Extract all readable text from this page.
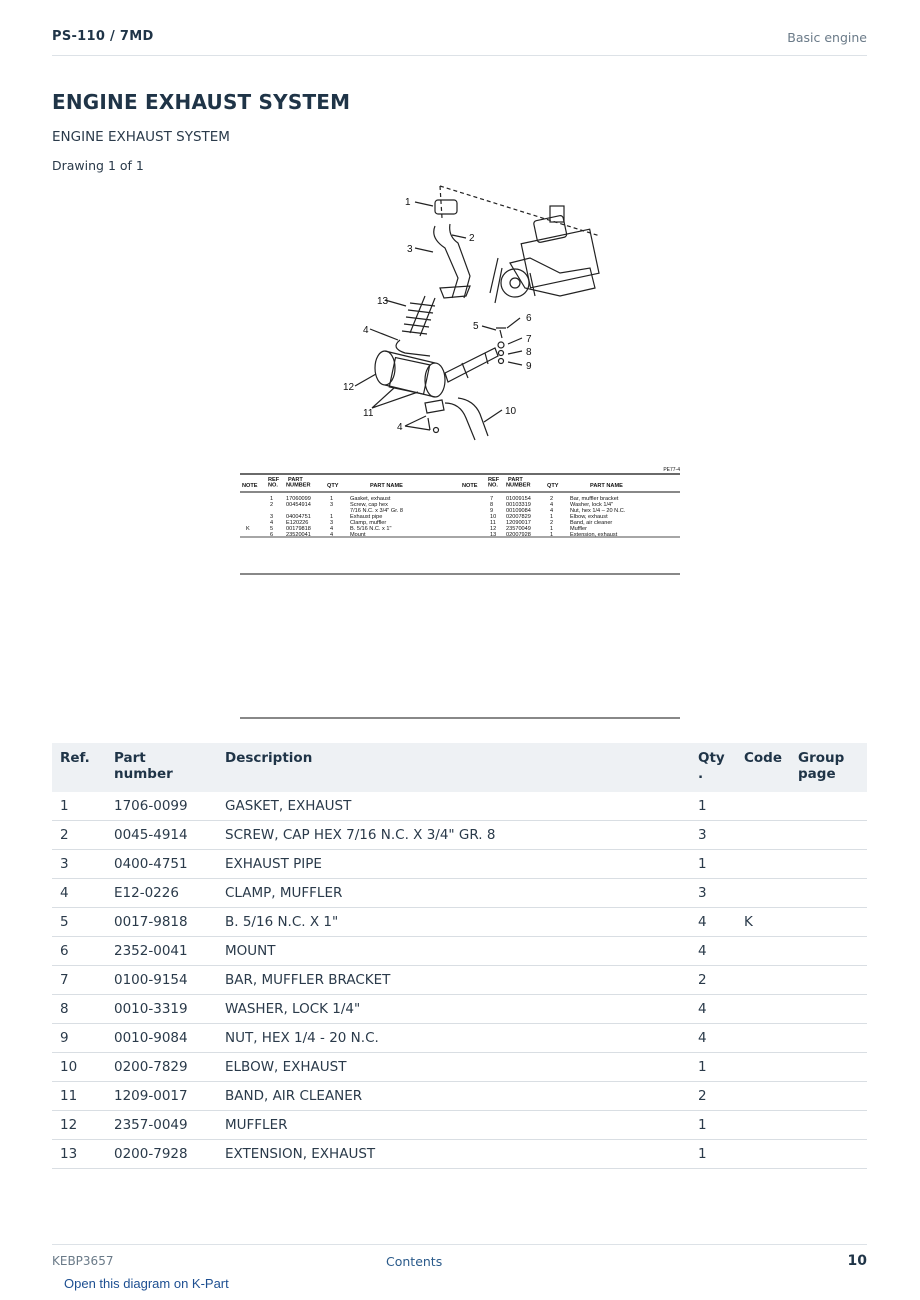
PS-110 / 7MD	Basic engine
ENGINE EXHAUST SYSTEM
ENGINE EXHAUST SYSTEM
Drawing 1 of 1
1
2
3
13
4	5
6
7
8
9
12
11	10
4
PE77-4
NOTE
REF NO.
PART NUMBER	QTY	PART NAME	NOTE
REF NO.
PART NUMBER	QTY	PART NAME
1 17060099	1	Gasket, exhaust
2 00454914	3	Screw, cap hex
7/16 N.C. x 3/4" Gr. 8
3 04004751	1	Exhaust pipe
4 E120226	3	Clamp, muffler
K	5 00179818	4	B. 5/16 N.C. x 1"
6 23520041	4	Mount
7 01009154	2	Bar, muffler bracket
8 00103319	4	Washer, lock 1/4"
9 00109084	4	Nut, hex 1/4 – 20 N.C.
10 02007829	1	Elbow, exhaust
11 12090017	2	Band, air cleaner
12 23570049	1	Muffler
13 02007928	1	Extension, exhaust
Ref.	Part number	Description	Qty .	Code	Group page
1	1706-0099	GASKET, EXHAUST	1		
2	0045-4914	SCREW, CAP HEX 7/16 N.C. X 3/4" GR. 8	3		
3	0400-4751	EXHAUST PIPE	1		
4	E12-0226	CLAMP, MUFFLER	3		
5	0017-9818	B. 5/16 N.C. X 1"	4	K	
6	2352-0041	MOUNT	4		
7	0100-9154	BAR, MUFFLER BRACKET	2		
8	0010-3319	WASHER, LOCK 1/4"	4		
9	0010-9084	NUT, HEX 1/4 - 20 N.C.	4		
10	0200-7829	ELBOW, EXHAUST	1		
11	1209-0017	BAND, AIR CLEANER	2		
12	2357-0049	MUFFLER	1		
13	0200-7928	EXTENSION, EXHAUST	1		
KEBP3657	Contents	10
Open this diagram on K-Part
